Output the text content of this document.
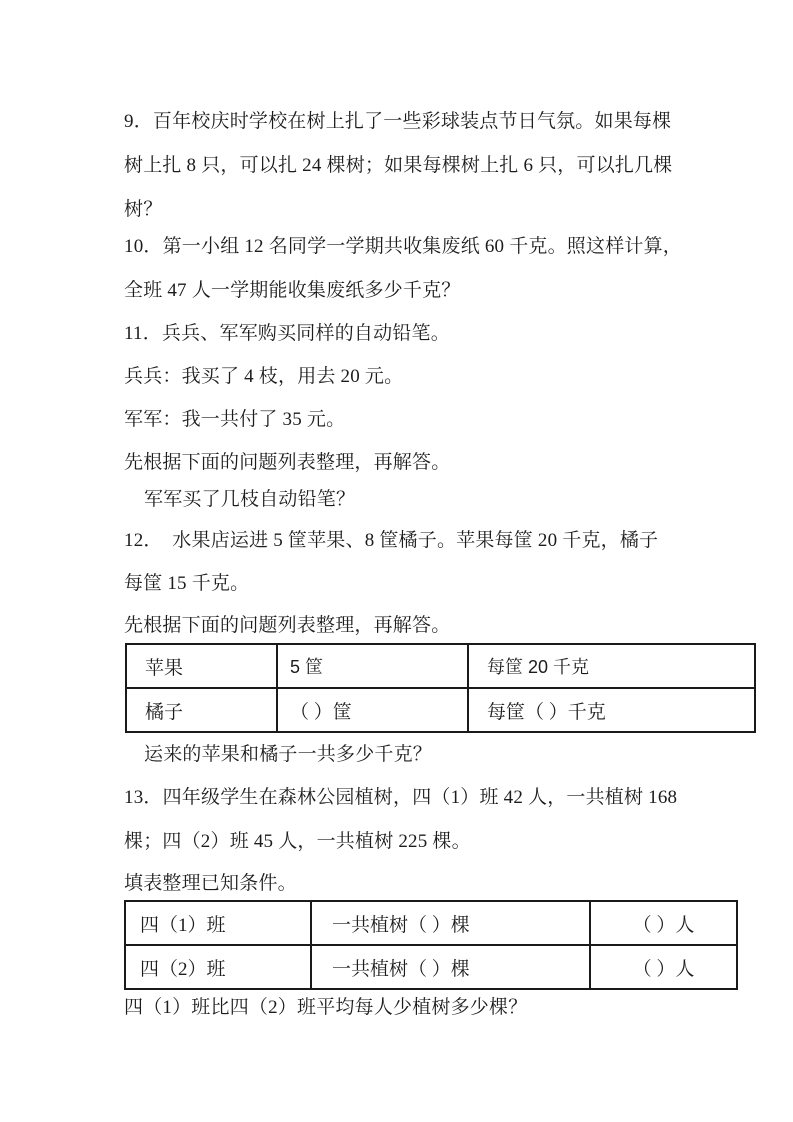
9．百年校庆时学校在树上扎了一些彩球装点节日气氛。如果每棵
树上扎 8 只，可以扎 24 棵树；如果每棵树上扎 6 只，可以扎几棵
树？
10．第一小组 12 名同学一学期共收集废纸 60 千克。照这样计算，
全班 47 人一学期能收集废纸多少千克？
11．兵兵、军军购买同样的自动铅笔。
兵兵：我买了 4 枝，用去 20 元。
军军：我一共付了 35 元。
先根据下面的问题列表整理，再解答。
军军买了几枝自动铅笔？
12．　水果店运进 5 筐苹果、8 筐橘子。苹果每筐 20 千克，橘子
每筐 15 千克。
先根据下面的问题列表整理，再解答。
苹果	5 筐	每筐 20 千克
橘子	（ ）筐	每筐（ ）千克
运来的苹果和橘子一共多少千克？
13．四年级学生在森林公园植树，四（1）班 42 人，一共植树 168
棵；四（2）班 45 人，一共植树 225 棵。
填表整理已知条件。
四（1）班	一共植树（ ）棵	（ ）人
四（2）班	一共植树（ ）棵	（ ）人
四（1）班比四（2）班平均每人少植树多少棵？
